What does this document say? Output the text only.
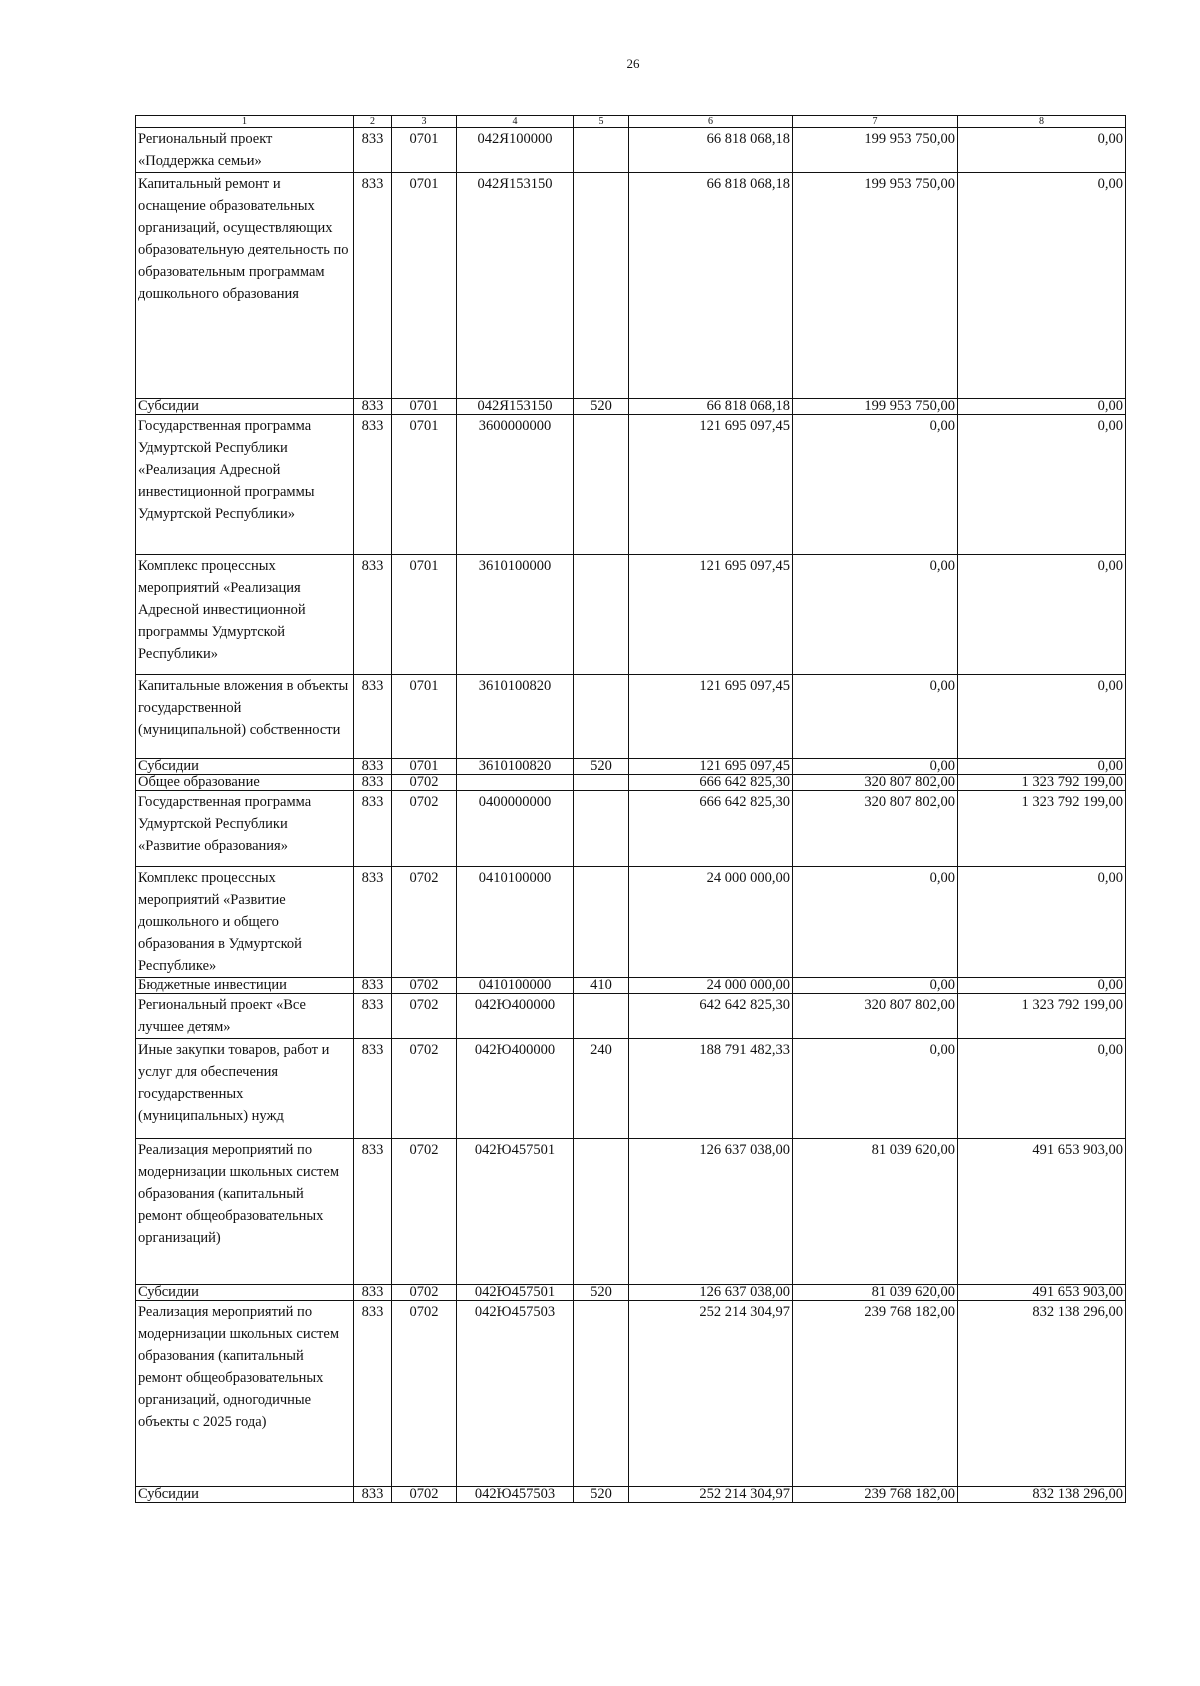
26
1	2	3	4	5	6	7	8
Региональный проект «Поддержка семьи»	833	0701	042Я100000		66 818 068,18	199 953 750,00	0,00
Капитальный ремонт и оснащение образовательных организаций, осуществляющих образовательную деятельность по образовательным программам дошкольного образования	833	0701	042Я153150		66 818 068,18	199 953 750,00	0,00
Субсидии	833	0701	042Я153150	520	66 818 068,18	199 953 750,00	0,00
Государственная программа Удмуртской Республики «Реализация Адресной инвестиционной программы Удмуртской Республики»	833	0701	3600000000		121 695 097,45	0,00	0,00
Комплекс процессных мероприятий «Реализация Адресной инвестиционной программы Удмуртской Республики»	833	0701	3610100000		121 695 097,45	0,00	0,00
Капитальные вложения в объекты государственной (муниципальной) собственности	833	0701	3610100820		121 695 097,45	0,00	0,00
Субсидии	833	0701	3610100820	520	121 695 097,45	0,00	0,00
Общее образование	833	0702			666 642 825,30	320 807 802,00	1 323 792 199,00
Государственная программа Удмуртской Республики «Развитие образования»	833	0702	0400000000		666 642 825,30	320 807 802,00	1 323 792 199,00
Комплекс процессных мероприятий «Развитие дошкольного и общего образования в Удмуртской Республике»	833	0702	0410100000		24 000 000,00	0,00	0,00
Бюджетные инвестиции	833	0702	0410100000	410	24 000 000,00	0,00	0,00
Региональный проект «Все лучшее детям»	833	0702	042Ю400000		642 642 825,30	320 807 802,00	1 323 792 199,00
Иные закупки товаров, работ и услуг для обеспечения государственных (муниципальных) нужд	833	0702	042Ю400000	240	188 791 482,33	0,00	0,00
Реализация мероприятий по модернизации школьных систем образования (капитальный ремонт общеобразовательных организаций)	833	0702	042Ю457501		126 637 038,00	81 039 620,00	491 653 903,00
Субсидии	833	0702	042Ю457501	520	126 637 038,00	81 039 620,00	491 653 903,00
Реализация мероприятий по модернизации школьных систем образования (капитальный ремонт общеобразовательных организаций, одногодичные объекты с 2025 года)	833	0702	042Ю457503		252 214 304,97	239 768 182,00	832 138 296,00
Субсидии	833	0702	042Ю457503	520	252 214 304,97	239 768 182,00	832 138 296,00
